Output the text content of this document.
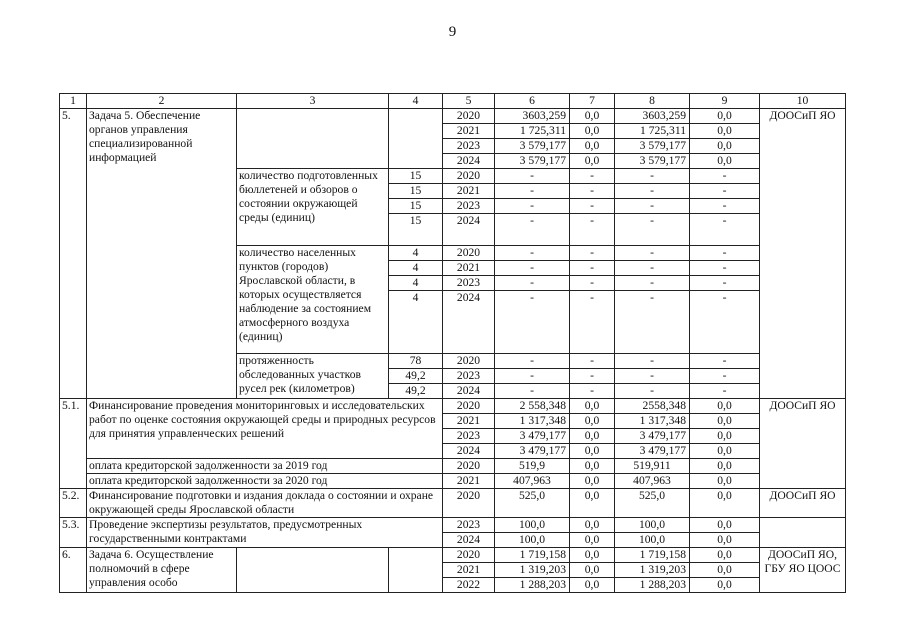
9
1	2	3	4	5	6	7	8	9	10
5.	Задача 5. Обеспечение органов управления специализированной информацией			2020	3603,259	0,0	3603,259	0,0	ДООСиП ЯО
				2021	1 725,311	0,0	1 725,311	0,0	
				2023	3 579,177	0,0	3 579,177	0,0	
				2024	3 579,177	0,0	3 579,177	0,0	
		количество подготовленных бюллетеней и обзоров о состоянии окружающей среды (единиц)	15	2020	-	-	-	-	
			15	2021	-	-	-	-	
			15	2023	-	-	-	-	
			15	2024	-	-	-	-	
		количество населенных пунктов (городов) Ярославской области, в которых осуществляется наблюдение за состоянием атмосферного воздуха (единиц)	4	2020	-	-	-	-	
			4	2021	-	-	-	-	
			4	2023	-	-	-	-	
			4	2024	-	-	-	-	
		протяженность обследованных участков русел рек (километров)	78	2020	-	-	-	-	
			49,2	2023	-	-	-	-	
			49,2	2024	-	-	-	-	
5.1.	Финансирование проведения мониторинговых и исследовательских работ по оценке состояния окружающей среды и природных ресурсов для принятия управленческих решений			2020	2 558,348	0,0	2558,348	0,0	ДООСиП ЯО
				2021	1 317,348	0,0	1 317,348	0,0	
				2023	3 479,177	0,0	3 479,177	0,0	
				2024	3 479,177	0,0	3 479,177	0,0	
	оплата кредиторской задолженности за 2019 год			2020	519,9	0,0	519,911	0,0	
	оплата кредиторской задолженности за 2020 год			2021	407,963	0,0	407,963	0,0	
5.2.	Финансирование подготовки и издания доклада о состоянии и охране окружающей среды Ярославской области			2020	525,0	0,0	525,0	0,0	ДООСиП ЯО
5.3.	Проведение экспертизы результатов, предусмотренных государственными контрактами			2023	100,0	0,0	100,0	0,0	
				2024	100,0	0,0	100,0	0,0	
6.	Задача 6. Осуществление полномочий в сфере управления особо			2020	1 719,158	0,0	1 719,158	0,0	ДООСиП ЯО, ГБУ ЯО ЦООС
				2021	1 319,203	0,0	1 319,203	0,0	
				2022	1 288,203	0,0	1 288,203	0,0	
